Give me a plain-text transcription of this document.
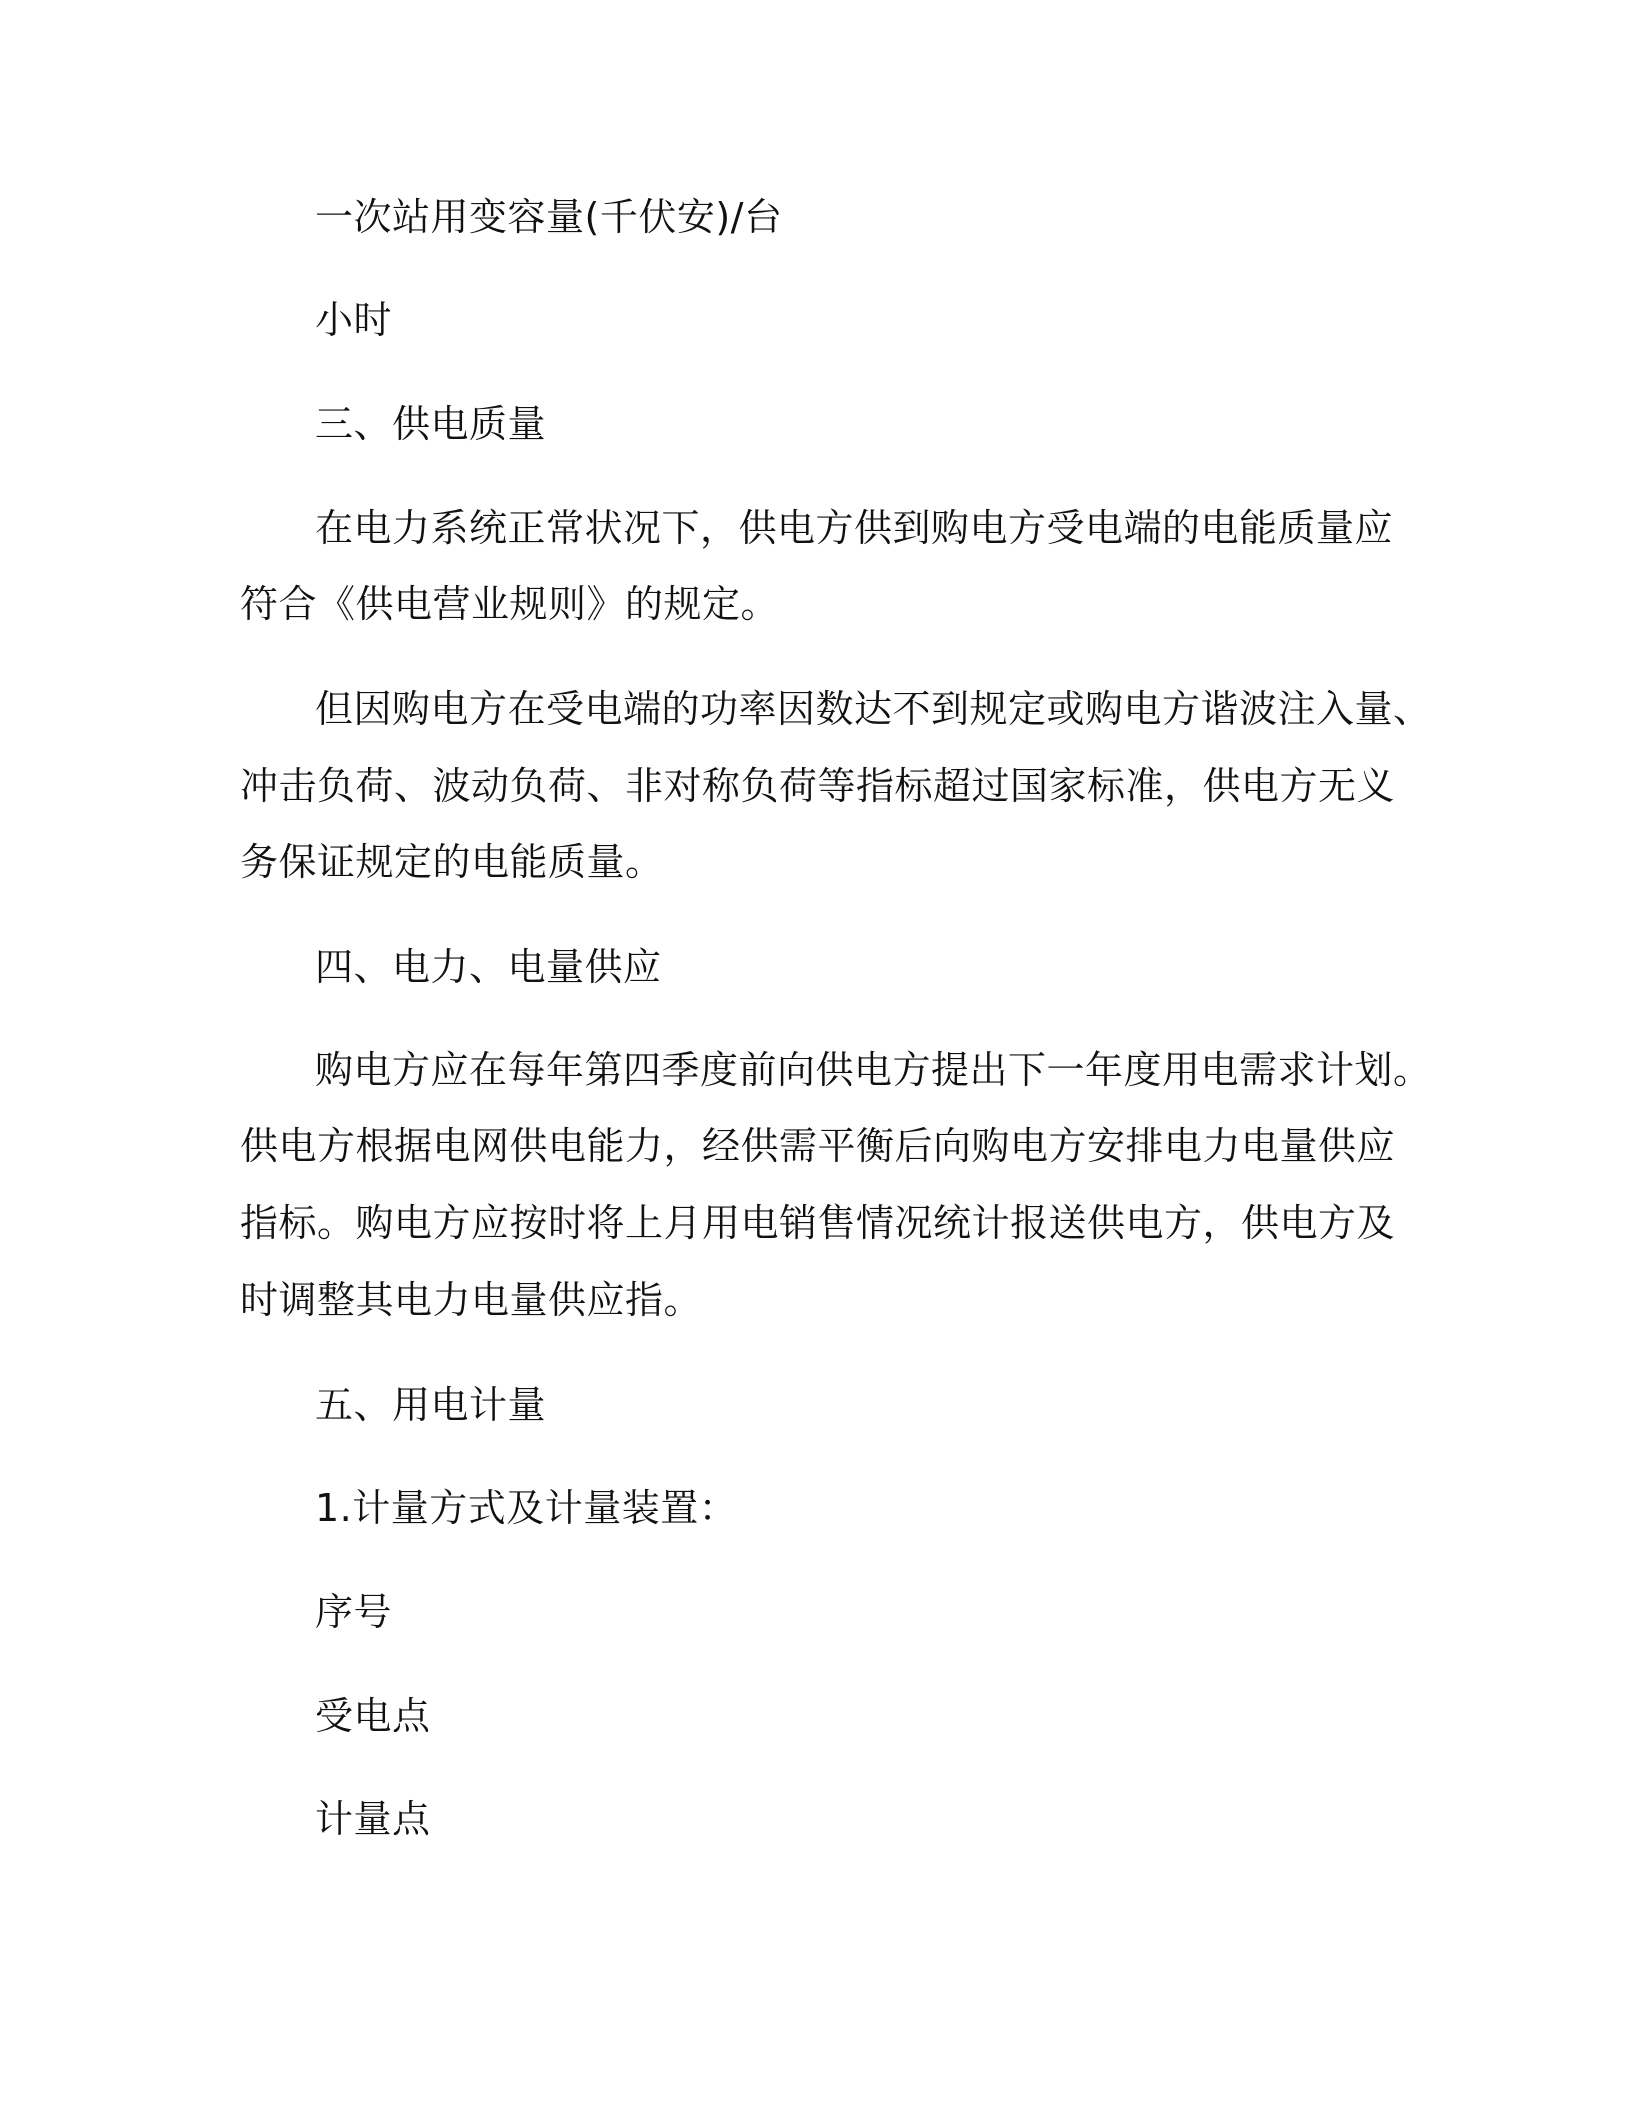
一次站用变容量(千伏安)/台
小时
三、供电质量
在电力系统正常状况下，供电方供到购电方受电端的电能质量应
符合《供电营业规则》的规定。
但因购电方在受电端的功率因数达不到规定或购电方谐波注入量、
冲击负荷、波动负荷、非对称负荷等指标超过国家标准，供电方无义
务保证规定的电能质量。
四、电力、电量供应
购电方应在每年第四季度前向供电方提出下一年度用电需求计划。
供电方根据电网供电能力，经供需平衡后向购电方安排电力电量供应
指标。购电方应按时将上月用电销售情况统计报送供电方，供电方及
时调整其电力电量供应指。
五、用电计量
1.计量方式及计量装置：
序号
受电点
计量点
